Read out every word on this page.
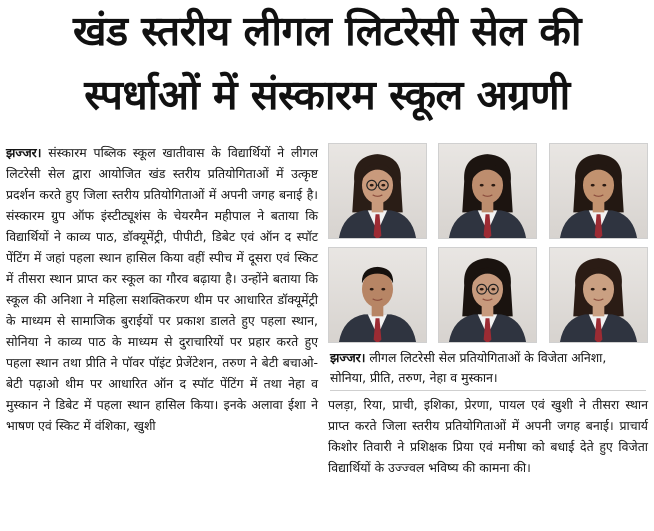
खंड स्तरीय लीगल लिटरेसी सेल की
स्पर्धाओं में संस्कारम स्कूल अग्रणी
झज्जर। संस्कारम पब्लिक स्कूल खातीवास के विद्यार्थियों ने लीगल लिटरेसी सेल द्वारा आयोजित खंड स्तरीय प्रतियोगिताओं में उत्कृष्ट प्रदर्शन करते हुए जिला स्तरीय प्रतियोगिताओं में अपनी जगह बनाई है। संस्कारम ग्रुप ऑफ इंस्टीट्यूशंस के चेयरमैन महीपाल ने बताया कि विद्यार्थियों ने काव्य पाठ, डॉक्यूमेंट्री, पीपीटी, डिबेट एवं ऑन द स्पॉट पेंटिंग में जहां पहला स्थान हासिल किया वहीं स्पीच में दूसरा एवं स्किट में तीसरा स्थान प्राप्त कर स्कूल का गौरव बढ़ाया है। उन्होंने बताया कि स्कूल की अनिशा ने महिला सशक्तिकरण थीम पर आधारित डॉक्यूमेंट्री के माध्यम से सामाजिक बुराईयों पर प्रकाश डालते हुए पहला स्थान, सोनिया ने काव्य पाठ के माध्यम से दुराचारियों पर प्रहार करते हुए पहला स्थान तथा प्रीति ने पॉवर पॉइंट प्रेजेंटेशन, तरुण ने बेटी बचाओ-बेटी पढ़ाओ थीम पर आधारित ऑन द स्पॉट पेंटिंग में तथा नेहा व मुस्कान ने डिबेट में पहला स्थान हासिल किया। इनके अलावा ईशा ने भाषण एवं स्किट में वंशिका, खुशी
झज्जर। लीगल लिटरेसी सेल प्रतियोगिताओं के विजेता अनिशा, सोनिया, प्रीति, तरुण, नेहा व मुस्कान।
पलड़ा, रिया, प्राची, इशिका, प्रेरणा, पायल एवं खुशी ने तीसरा स्थान प्राप्त करते जिला स्तरीय प्रतियोगिताओं में अपनी जगह बनाई। प्राचार्य किशोर तिवारी ने प्रशिक्षक प्रिया एवं मनीषा को बधाई देते हुए विजेता विद्यार्थियों के उज्ज्वल भविष्य की कामना की।
